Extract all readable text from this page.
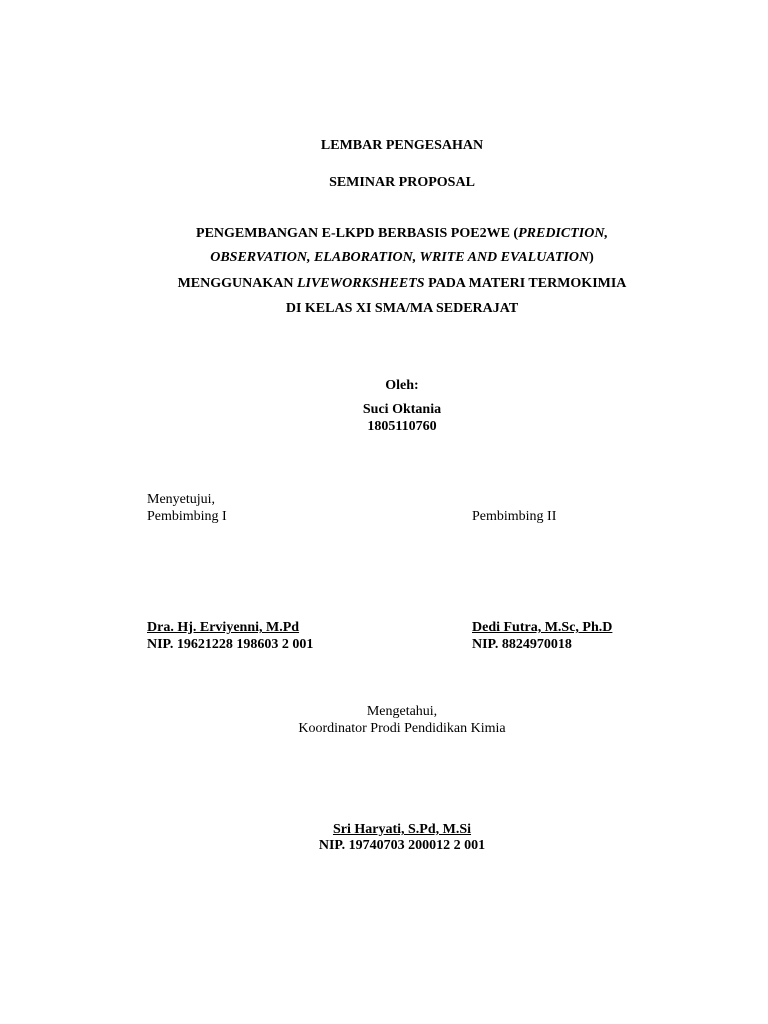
LEMBAR PENGESAHAN
SEMINAR PROPOSAL
PENGEMBANGAN E-LKPD BERBASIS POE2WE (PREDICTION,
OBSERVATION, ELABORATION, WRITE AND EVALUATION)
MENGGUNAKAN LIVEWORKSHEETS PADA MATERI TERMOKIMIA
DI KELAS XI SMA/MA SEDERAJAT
Oleh:
Suci Oktania
1805110760
Menyetujui,
Pembimbing I	Pembimbing II
Dra. Hj. Erviyenni, M.Pd
NIP. 19621228 198603 2 001
Dedi Futra, M.Sc, Ph.D
NIP. 8824970018
Mengetahui,
Koordinator Prodi Pendidikan Kimia
Sri Haryati, S.Pd, M.Si
NIP. 19740703 200012 2 001
